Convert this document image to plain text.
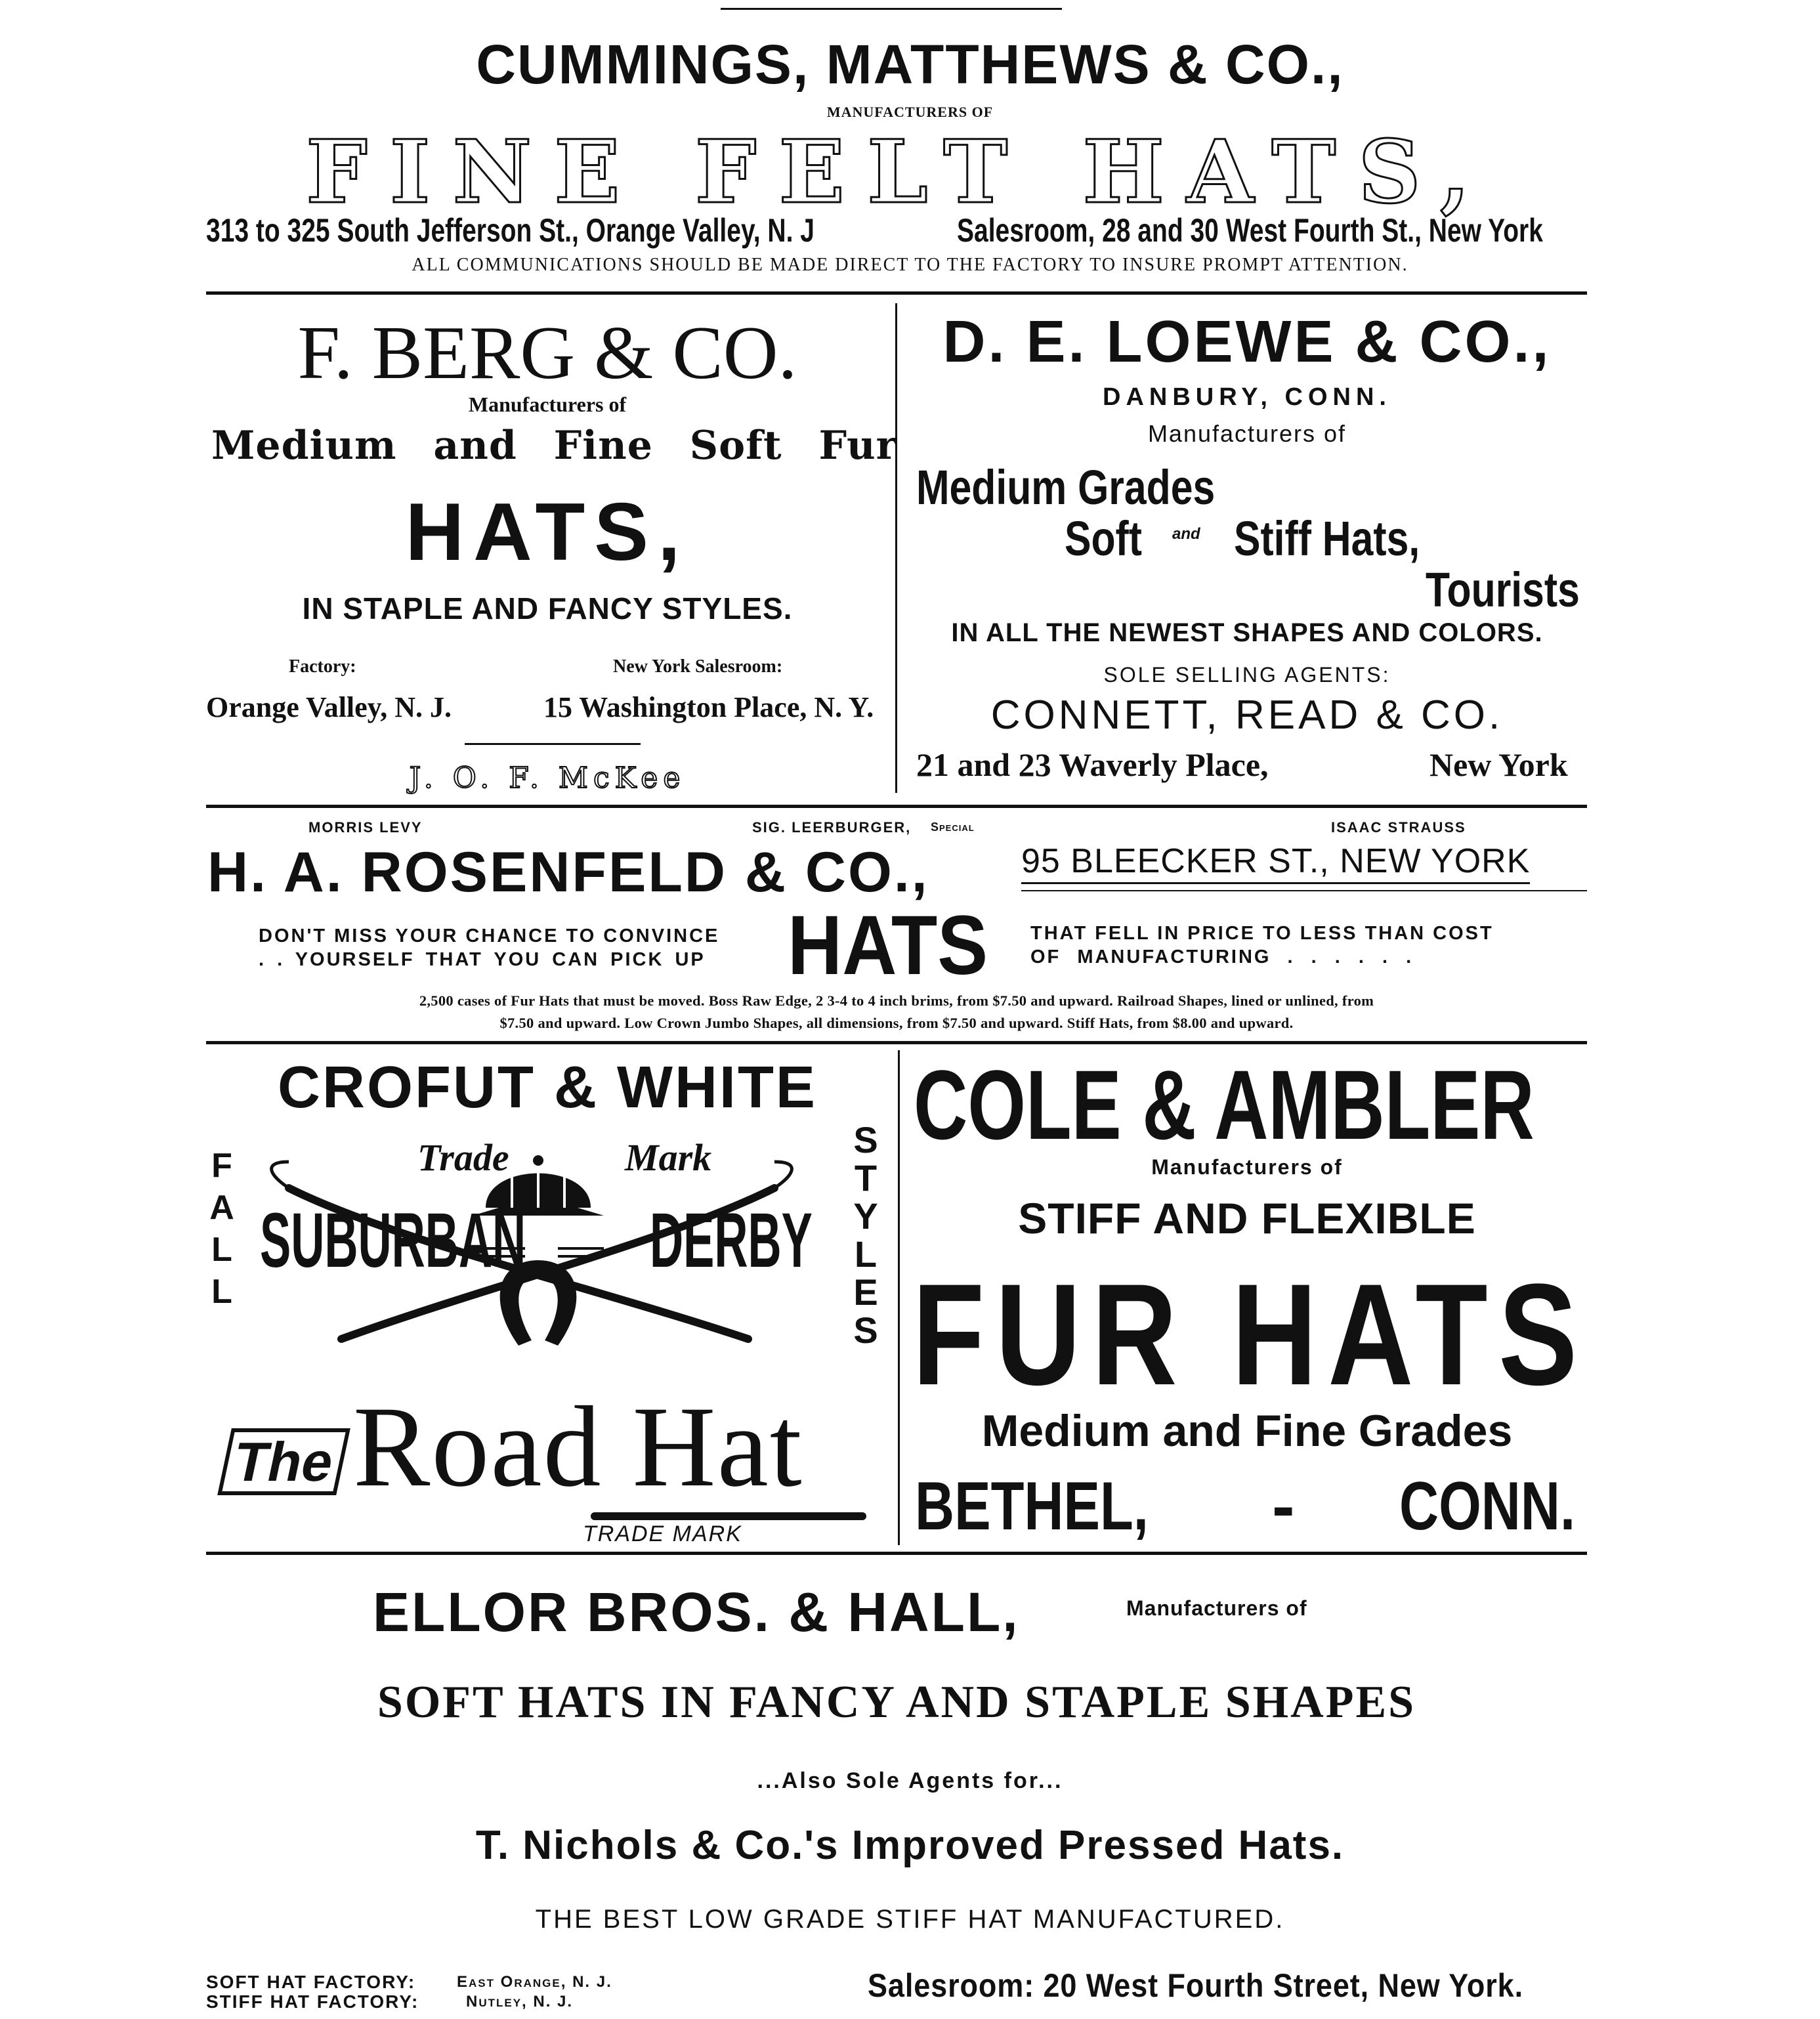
CUMMINGS, MATTHEWS & CO.,
MANUFACTURERS OF
FINE FELT HATS,
313 to 325 South Jefferson St., Orange Valley, N. J	Salesroom, 28 and 30 West Fourth St., New York
ALL COMMUNICATIONS SHOULD BE MADE DIRECT TO THE FACTORY TO INSURE PROMPT ATTENTION.
F. BERG & CO.
Manufacturers of
Medium and Fine Soft Fur
HATS,
IN STAPLE AND FANCY STYLES.
Factory:	New York Salesroom:
Orange Valley, N. J.	15 Washington Place, N. Y.
J. O. F. McKee
D. E. LOEWE & CO.,
DANBURY, CONN.
Manufacturers of
Medium Grades
Soft and Stiff Hats,
Tourists
IN ALL THE NEWEST SHAPES AND COLORS.
SOLE SELLING AGENTS:
CONNETT, READ & CO.
21 and 23 Waverly Place,	New York
MORRIS LEVY	SIG. LEERBURGER, Special	ISAAC STRAUSS
H. A. ROSENFELD & CO.,	95 BLEECKER ST., NEW YORK
DON'T MISS YOUR CHANCE TO CONVINCE
. . YOURSELF THAT YOU CAN PICK UP HATS THAT FELL IN PRICE TO LESS THAN COST
OF MANUFACTURING . . . . . .
2,500 cases of Fur Hats that must be moved. Boss Raw Edge, 2 3-4 to 4 inch brims, from $7.50 and upward. Railroad Shapes, lined or unlined, from
$7.50 and upward. Low Crown Jumbo Shapes, all dimensions, from $7.50 and upward. Stiff Hats, from $8.00 and upward.
CROFUT & WHITE
F
A
L
L
S
T
Y
L
E
S
Trade	Mark
SUBURBAN DERBY
The Road Hat
TRADE MARK
COLE & AMBLER
Manufacturers of
STIFF AND FLEXIBLE
FUR HATS
Medium and Fine Grades
BETHEL, - CONN.
ELLOR BROS. & HALL,	Manufacturers of
SOFT HATS IN FANCY AND STAPLE SHAPES
...Also Sole Agents for...
T. Nichols & Co.'s Improved Pressed Hats.
THE BEST LOW GRADE STIFF HAT MANUFACTURED.
SOFT HAT FACTORY:	East Orange, N. J.
STIFF HAT FACTORY:	Nutley, N. J.	Salesroom: 20 West Fourth Street, New York.
